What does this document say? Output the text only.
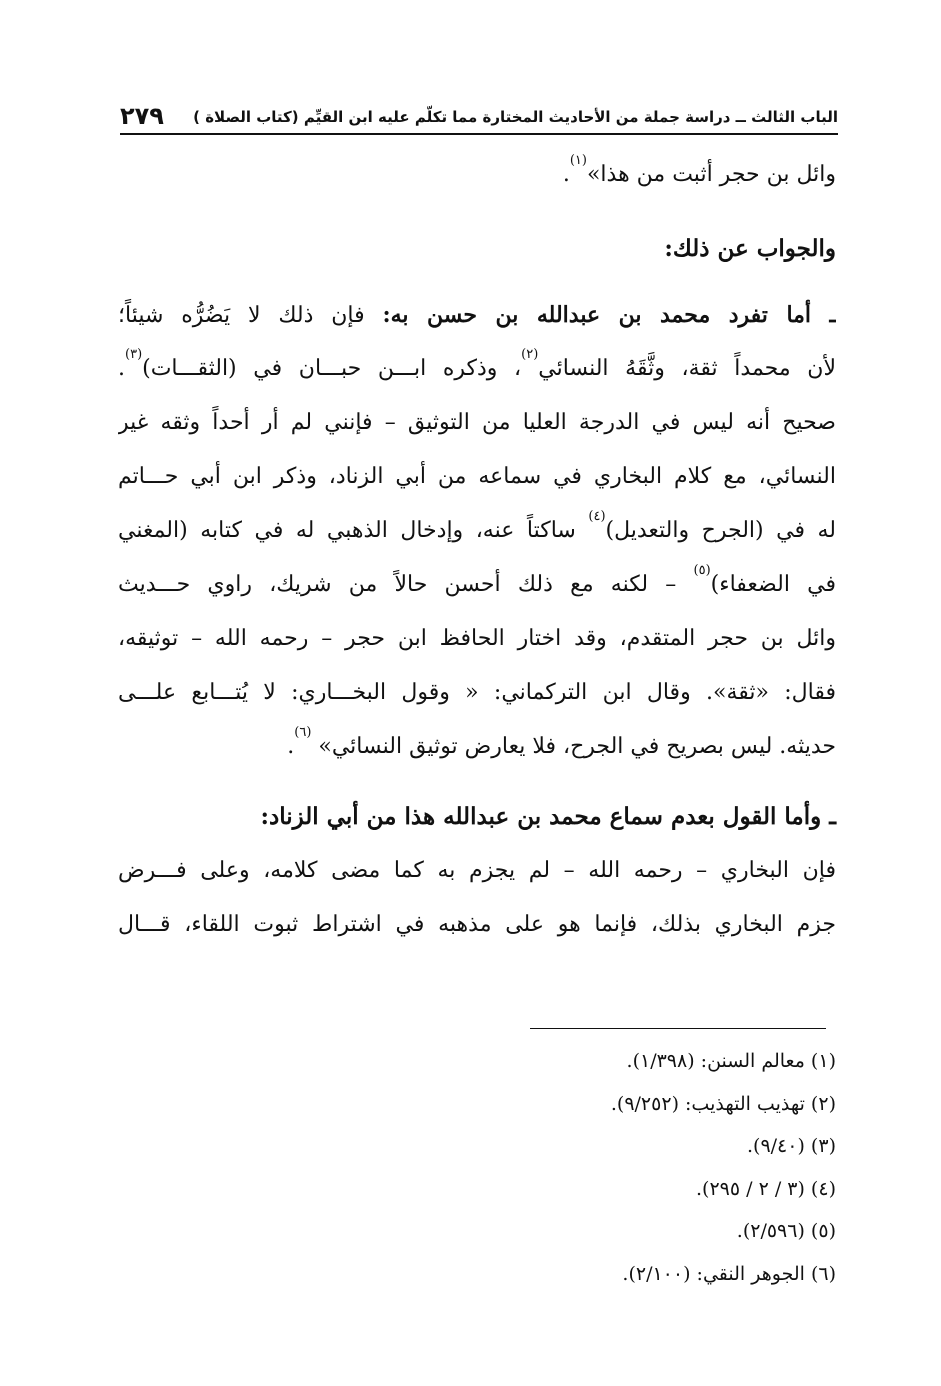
الباب الثالث ــ دراسة جملة من الأحاديث المختارة مما تكلّم عليه ابن القيِّم (كتاب الصلاة )
٢٧٩
وائل بن حجر أثبت من هذا»$^{(١)}$.
والجواب عن ذلك:
ـ أما تفرد محمد بن عبدالله بن حسن به: فإن ذلك لا يَضُرُّه شيئاً؛
لأن محمداً ثقة، وثَّقَهُ النسائي$^{(٢)}$، وذكره ابـــن حبـــان في (الثقـــات)$^{(٣)}$.
صحيح أنه ليس في الدرجة العليا من التوثيق – فإنني لم أر أحداً وثقه غير
النسائي، مع كلام البخاري في سماعه من أبي الزناد، وذكر ابن أبي حـــاتم
له في (الجرح والتعديل)$^{(٤)}$ ساكتاً عنه، وإدخال الذهبي له في كتابه (المغني
في الضعفاء)$^{(٥)}$ – لكنه مع ذلك أحسن حالاً من شريك، راوي حـــديث
وائل بن حجر المتقدم، وقد اختار الحافظ ابن حجر – رحمه الله – توثيقه،
فقال: «ثقة». وقال ابن التركماني: « وقول البخـــاري: لا يُتـــابع علـــى
حديثه. ليس بصريح في الجرح، فلا يعارض توثيق النسائي» $^{(٦)}$.
ـ وأما القول بعدم سماع محمد بن عبدالله هذا من أبي الزناد:
فإن البخاري – رحمه الله – لم يجزم به كما مضى كلامه، وعلى فـــرض
جزم البخاري بذلك، فإنما هو على مذهبه في اشتراط ثبوت اللقاء، قـــال
(١) معالم السنن: (١/٣٩٨).
(٢) تهذيب التهذيب: (٩/٢٥٢).
(٣) (٩/٤٠).
(٤) (٣ / ٢ / ٢٩٥).
(٥) (٢/٥٩٦).
(٦) الجوهر النقي: (٢/١٠٠).
